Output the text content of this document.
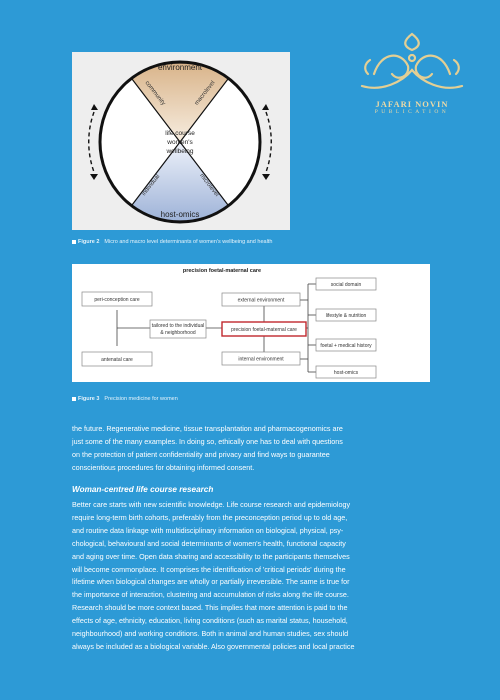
environment
host-omics
community	macrolevel
individual	microlevel
life course
women's
wellbeing
JAFARI NOVIN
PUBLICATION
Figure 2 Micro and macro level determinants of women's wellbeing and health
precision foetal-maternal care
peri-conception care
antenatal care
tailored to the individual
& neighborhood
external environment
precision foetal-maternal care
internal environment
social domain
lifestyle & nutrition
foetal + medical history
host-omics
Figure 3 Precision medicine for women
the future. Regenerative medicine, tissue transplantation and pharmacogenomics are
just some of the many examples. In doing so, ethically one has to deal with questions
on the protection of patient confidentiality and privacy and find ways to guarantee
conscientious procedures for obtaining informed consent.
Woman-centred life course research
Better care starts with new scientific knowledge. Life course research and epidemiology
require long-term birth cohorts, preferably from the preconception period up to old age,
and routine data linkage with multidisciplinary information on biological, physical, psy-
chological, behavioural and social determinants of women's health, functional capacity
and aging over time. Open data sharing and accessibility to the participants themselves
will become commonplace. It comprises the identification of 'critical periods' during the
lifetime when biological changes are wholly or partially irreversible. The same is true for
the importance of interaction, clustering and accumulation of risks along the life course.
Research should be more context based. This implies that more attention is paid to the
effects of age, ethnicity, education, living conditions (such as marital status, household,
neighbourhood) and working conditions. Both in animal and human studies, sex should
always be included as a biological variable. Also governmental policies and local practice
